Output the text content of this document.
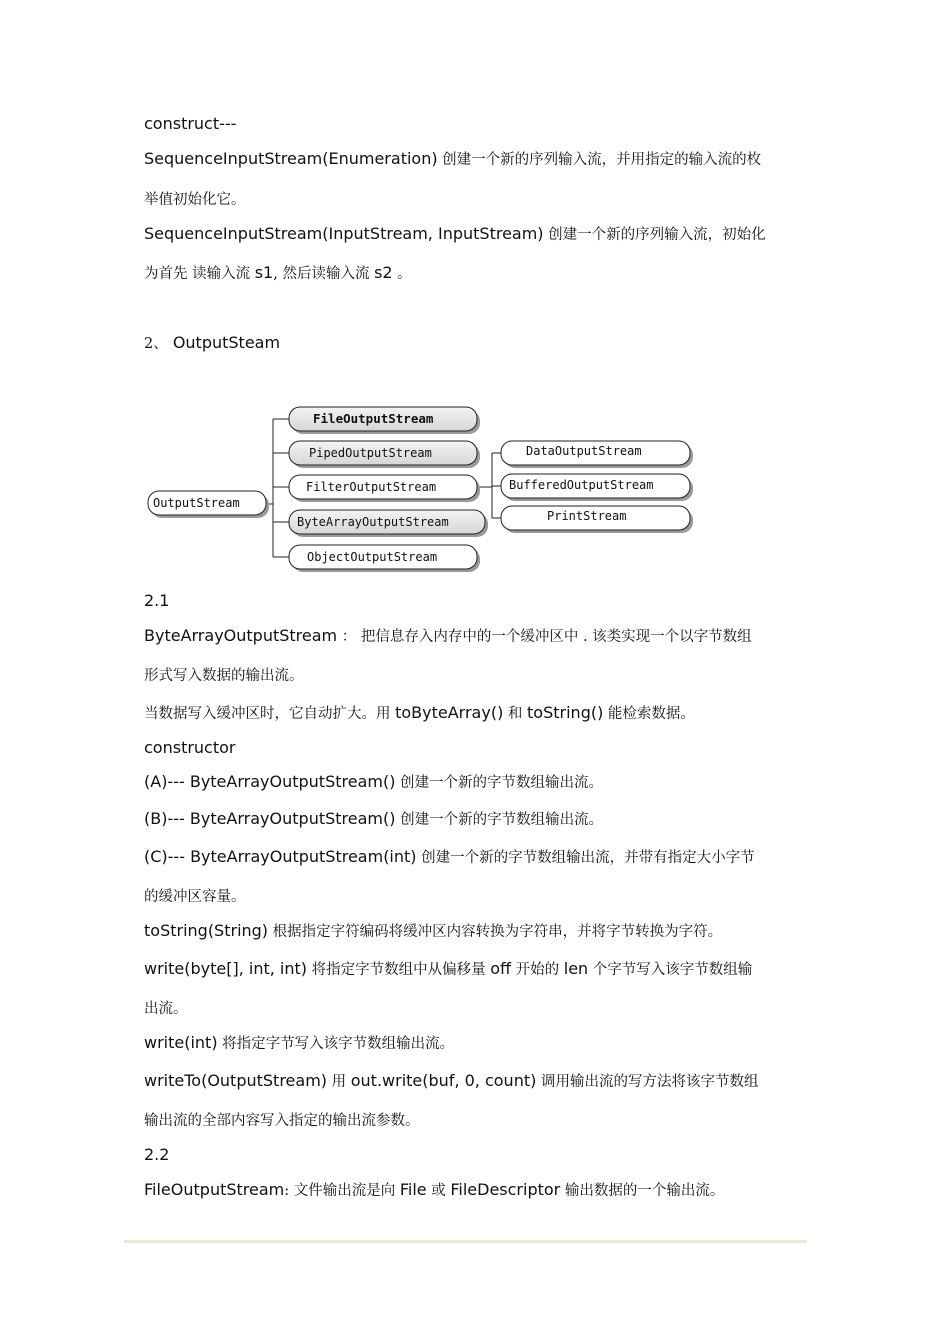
construct---
SequenceInputStream(Enumeration) 创建一个新的序列输入流，并用指定的输入流的枚
举值初始化它。
SequenceInputStream(InputStream, InputStream) 创建一个新的序列输入流，初始化
为首先 读输入流 s1, 然后读输入流 s2 。
2、 OutputSteam
OutputStream
FileOutputStream
PipedOutputStream
FilterOutputStream
ByteArrayOutputStream
ObjectOutputStream
DataOutputStream
BufferedOutputStream
PrintStream
2.1
ByteArrayOutputStream ： 把信息存入内存中的一个缓冲区中 . 该类实现一个以字节数组
形式写入数据的输出流。
当数据写入缓冲区时，它自动扩大。用 toByteArray() 和 toString() 能检索数据。
constructor
(A)--- ByteArrayOutputStream() 创建一个新的字节数组输出流。
(B)--- ByteArrayOutputStream() 创建一个新的字节数组输出流。
(C)--- ByteArrayOutputStream(int) 创建一个新的字节数组输出流，并带有指定大小字节
的缓冲区容量。
toString(String) 根据指定字符编码将缓冲区内容转换为字符串，并将字节转换为字符。
write(byte[], int, int) 将指定字节数组中从偏移量 off 开始的 len 个字节写入该字节数组输
出流。
write(int) 将指定字节写入该字节数组输出流。
writeTo(OutputStream) 用 out.write(buf, 0, count) 调用输出流的写方法将该字节数组
输出流的全部内容写入指定的输出流参数。
2.2
FileOutputStream: 文件输出流是向 File 或 FileDescriptor 输出数据的一个输出流。
